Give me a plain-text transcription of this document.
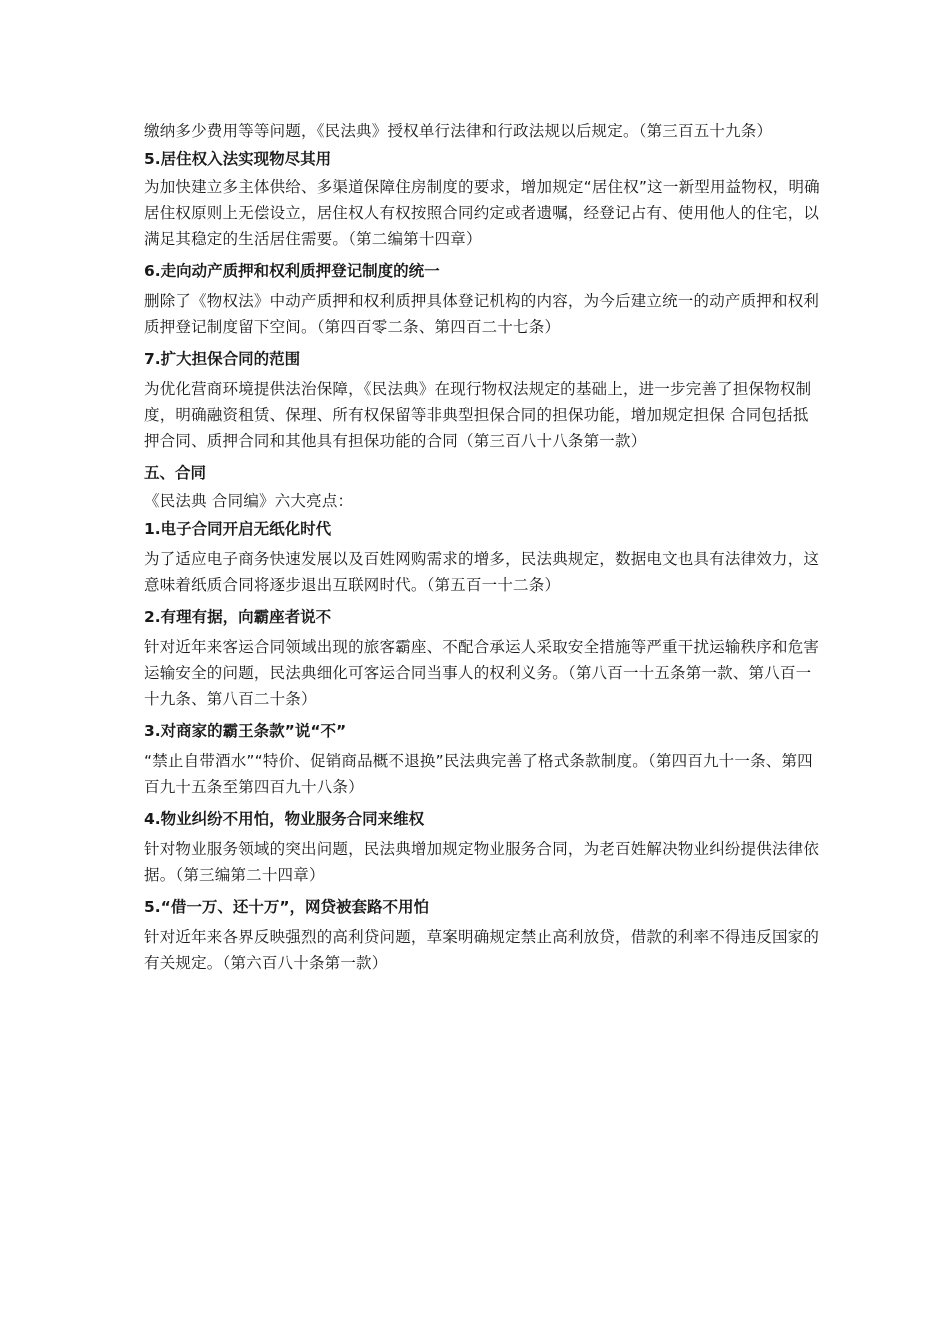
缴纳多少费用等等问题，《民法典》授权单行法律和行政法规以后规定。（第三百五十九条）

5.居住权入法实现物尽其用

为加快建立多主体供给、多渠道保障住房制度的要求，增加规定“居住权”这一新型用益物权，明确居住权原则上无偿设立，居住权人有权按照合同约定或者遗嘱，经登记占有、使用他人的住宅，以满足其稳定的生活居住需要。（第二编第十四章）

6.走向动产质押和权利质押登记制度的统一

删除了《物权法》中动产质押和权利质押具体登记机构的内容，为今后建立统一的动产质押和权利质押登记制度留下空间。（第四百零二条、第四百二十七条）

7.扩大担保合同的范围

为优化营商环境提供法治保障，《民法典》在现行物权法规定的基础上，进一步完善了担保物权制度，明确融资租赁、保理、所有权保留等非典型担保合同的担保功能，增加规定担保 合同包括抵押合同、质押合同和其他具有担保功能的合同（第三百八十八条第一款）

五、合同

《民法典 合同编》六大亮点：

1.电子合同开启无纸化时代

为了适应电子商务快速发展以及百姓网购需求的增多，民法典规定，数据电文也具有法律效力，这意味着纸质合同将逐步退出互联网时代。（第五百一十二条）

2.有理有据，向霸座者说不

针对近年来客运合同领域出现的旅客霸座、不配合承运人采取安全措施等严重干扰运输秩序和危害运输安全的问题，民法典细化可客运合同当事人的权利义务。（第八百一十五条第一款、第八百一十九条、第八百二十条）

3.对商家的霸王条款”说“不”

“禁止自带酒水”“特价、促销商品概不退换”民法典完善了格式条款制度。（第四百九十一条、第四百九十五条至第四百九十八条）

4.物业纠纷不用怕，物业服务合同来维权

针对物业服务领域的突出问题，民法典增加规定物业服务合同，为老百姓解决物业纠纷提供法律依据。（第三编第二十四章）

5.“借一万、还十万”，网贷被套路不用怕

针对近年来各界反映强烈的高利贷问题，草案明确规定禁止高利放贷，借款的利率不得违反国家的有关规定。（第六百八十条第一款）
